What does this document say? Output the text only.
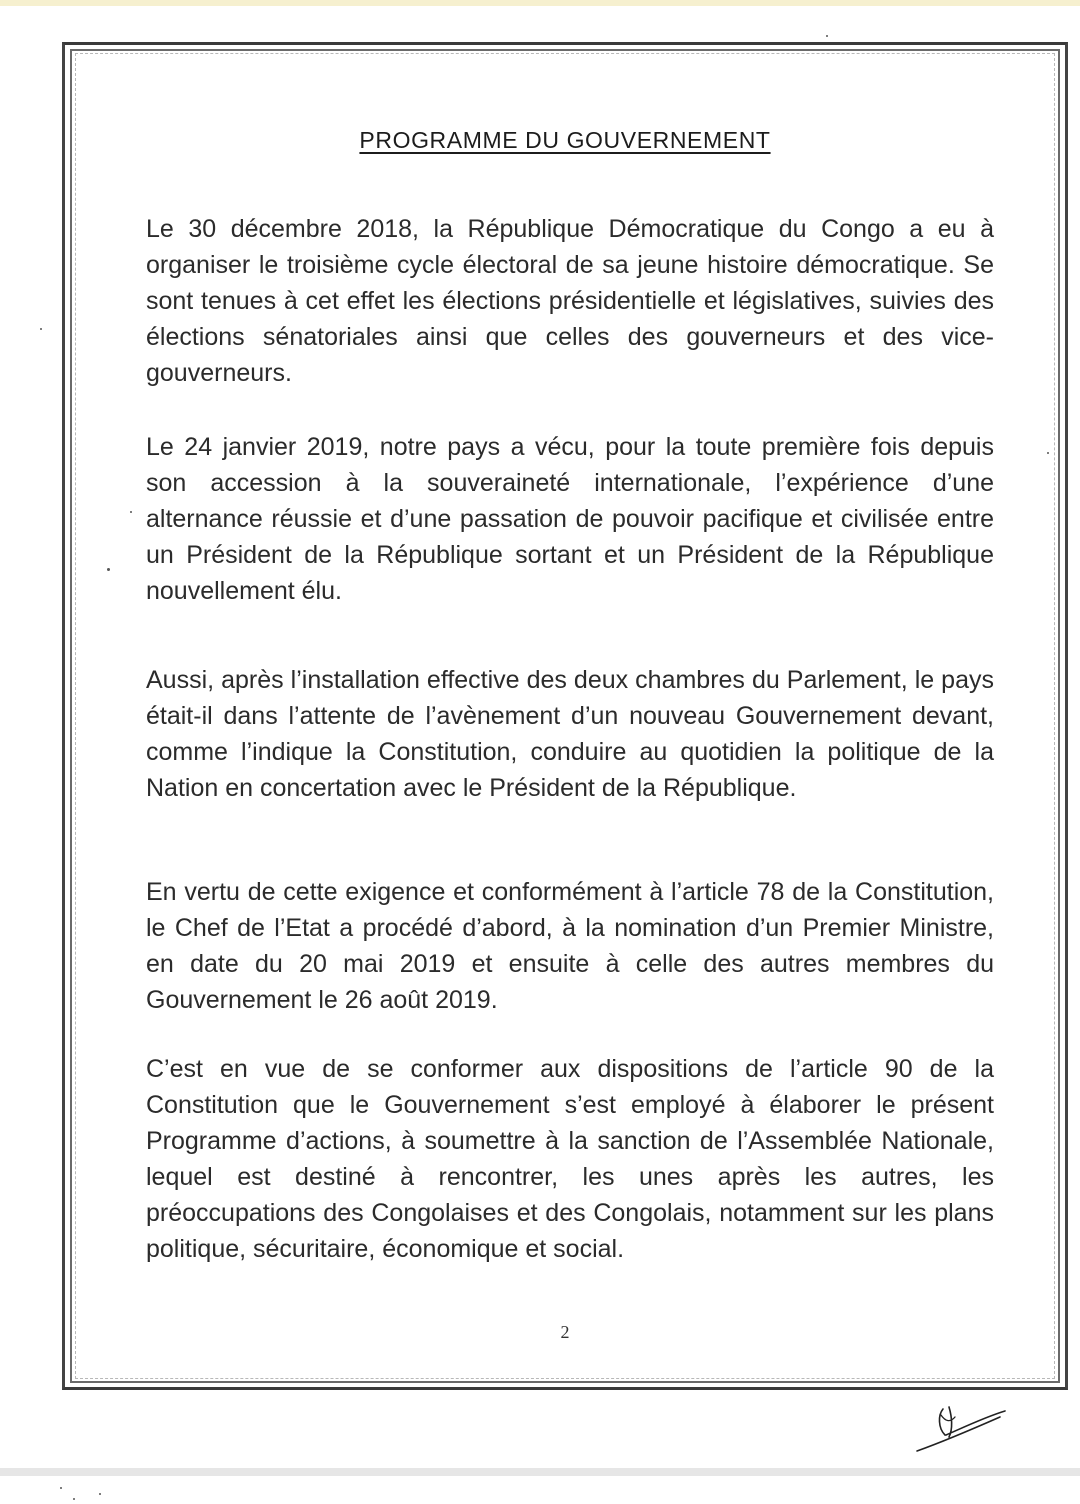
PROGRAMME DU GOUVERNEMENT

Le 30 décembre 2018, la République Démocratique du Congo a eu à organiser le troisième cycle électoral de sa jeune histoire démocratique. Se sont tenues à cet effet les élections présidentielle et législatives, suivies des élections sénatoriales ainsi que celles des gouverneurs et des vice-gouverneurs.

Le 24 janvier 2019, notre pays a vécu, pour la toute première fois depuis son accession à la souveraineté internationale, l’expérience d’une alternance réussie et d’une passation de pouvoir pacifique et civilisée entre un Président de la République sortant et un Président de la République nouvellement élu.

Aussi, après l’installation effective des deux chambres du Parlement, le pays était-il dans l’attente de l’avènement d’un nouveau Gouvernement devant, comme l’indique la Constitution, conduire au quotidien la politique de la Nation en concertation avec le Président de la République.

En vertu de cette exigence et conformément à l’article 78 de la Constitution, le Chef de l’Etat a procédé d’abord, à la nomination d’un Premier Ministre, en date du 20 mai 2019 et ensuite à celle des autres membres du Gouvernement le 26 août 2019.

C’est en vue de se conformer aux dispositions de l’article 90 de la Constitution que le Gouvernement s’est employé à élaborer le présent Programme d’actions, à soumettre à la sanction de l’Assemblée Nationale, lequel est destiné à rencontrer, les unes après les autres, les préoccupations des Congolaises et des Congolais, notamment sur les plans politique, sécuritaire, économique et social.

2
